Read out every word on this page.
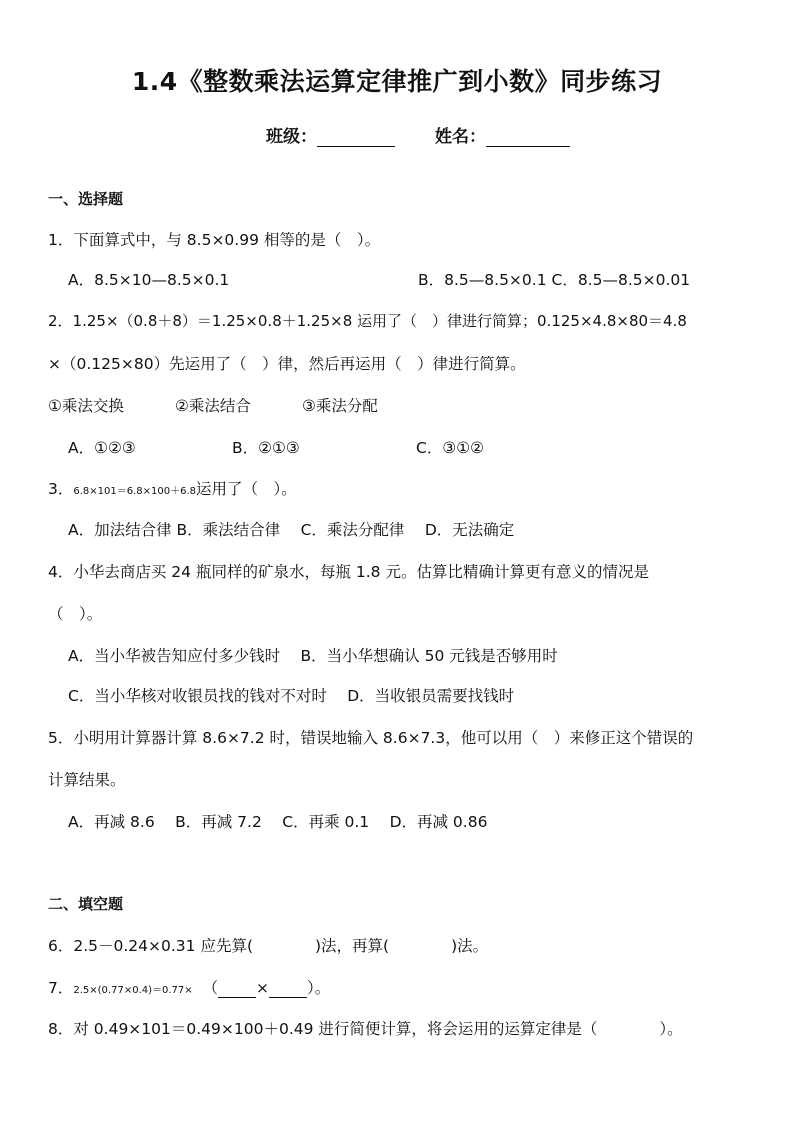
1.4《整数乘法运算定律推广到小数》同步练习
班级：	姓名：
一、选择题
1．下面算式中，与 8.5×0.99 相等的是（　）。
A．8.5×10—8.5×0.1	B．8.5—8.5×0.1 C．8.5—8.5×0.01
2．1.25×（0.8＋8）＝1.25×0.8＋1.25×8 运用了（　）律进行简算；0.125×4.8×80＝4.8
×（0.125×80）先运用了（　）律，然后再运用（　）律进行简算。
①乘法交换	②乘法结合	③乘法分配
A．①②③	B．②①③	C．③①②
3．6.8×101＝6.8×100＋6.8运用了（　）。
A．加法结合律 B．乘法结合律　 C．乘法分配律　 D．无法确定
4．小华去商店买 24 瓶同样的矿泉水，每瓶 1.8 元。估算比精确计算更有意义的情况是
（　）。
A．当小华被告知应付多少钱时　 B．当小华想确认 50 元钱是否够用时
C．当小华核对收银员找的钱对不对时　 D．当收银员需要找钱时
5．小明用计算器计算 8.6×7.2 时，错误地输入 8.6×7.3，他可以用（　）来修正这个错误的
计算结果。
A．再减 8.6　 B．再减 7.2　 C．再乘 0.1　 D．再减 0.86
二、填空题
6．2.5－0.24×0.31 应先算(　　　　)法，再算(　　　　)法。
7．2.5×(0.77×0.4)＝0.77× （ × ）。
8．对 0.49×101＝0.49×100＋0.49 进行简便计算，将会运用的运算定律是（　　　　）。
